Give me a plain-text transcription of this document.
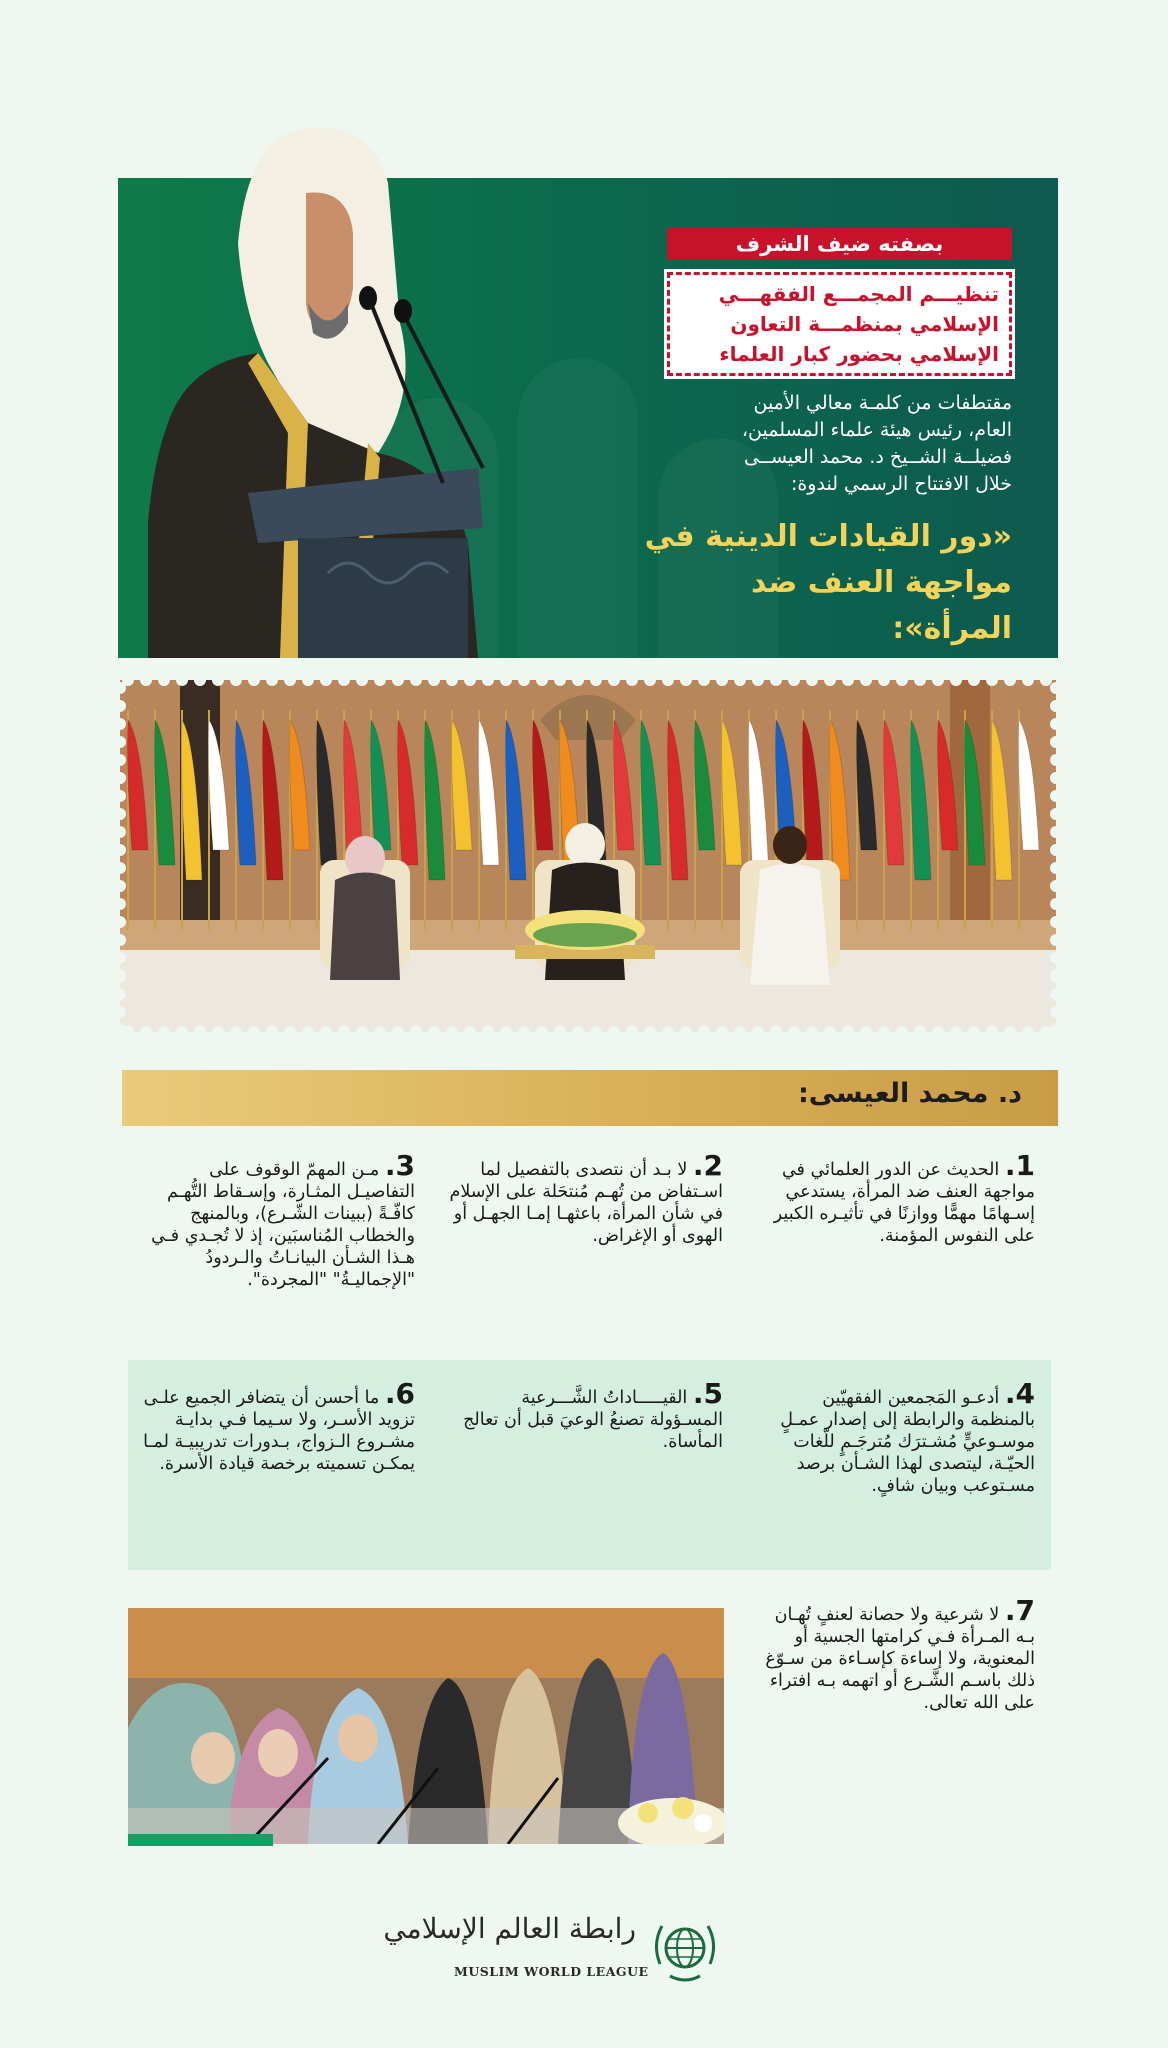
بصفته ضيف الشرف
تنظيـــم المجمـــع الفقهـــي
الإسلامي بمنظمـــة التعاون
الإسلامي بحضور كبار العلماء
مقتطفات من كلمـة معالي الأمين
العام، رئيس هيئة علماء المسلمين،
فضيلــة الشــيخ د. محمد العيســى
خلال الافتتاح الرسمي لندوة:
«دور القيادات الدينية في
مواجهة العنف ضد المرأة»:
د. محمد العيسى:
1. الحديث عن الدور العلمائي في مواجهة العنف ضد المرأة، يستدعي إسـهامًا مهمًّا ووازنًا في تأثيـره الكبير على النفوس المؤمنة.
2. لا بـد أن نتصدى بالتفصيل لما اسـتفاض من تُهـم مُنتحَلة على الإسلام في شأن المرأة، باعثهـا إمـا الجهـل أو الهوى أو الإغراض.
3. مـن المهمّ الوقوف على التفاصيـل المثـارة، وإسـقاط التُّهـم كافّـةً (ببينات الشّـرع)، وبالمنهج والخطاب المُناسبَين، إذ لا تُجـدي فـي هـذا الشـأن البيانـاتُ والـردودُ "الإجماليـةُ" "المجردة".
4. أدعـو المَجمعين الفقهيّين بالمنظمة والرابطة إلى إصدار عمـلٍ موسـوعيٍّ مُشـترَك مُترجَـمٍ للّغات الحيّـة، ليتصدى لهذا الشـأن برصد مسـتوعب وبيان شافٍ.
5. القيـــــاداتُ الشَّـــرعية المسـؤولة تصنعُ الوعيَ قبل أن تعالج المأساة.
6. ما أحسن أن يتضافر الجميع علـى تزويد الأسـر، ولا سـيما فـي بدايـة مشـروع الـزواج، بـدورات تدريبيـة لمـا يمكـن تسميته برخصة قيادة الأسرة.
7. لا شرعية ولا حصانة لعنفٍ تُهـان بـه المـرأة فـي كرامتها الجسية أو المعنوية، ولا إساءة كإسـاءة من سـوّغ ذلك باسـم الشَّـرع أو اتهمه بـه افتراء على الله تعالى.
رابطة العالم الإسلامي
MUSLIM WORLD LEAGUE
